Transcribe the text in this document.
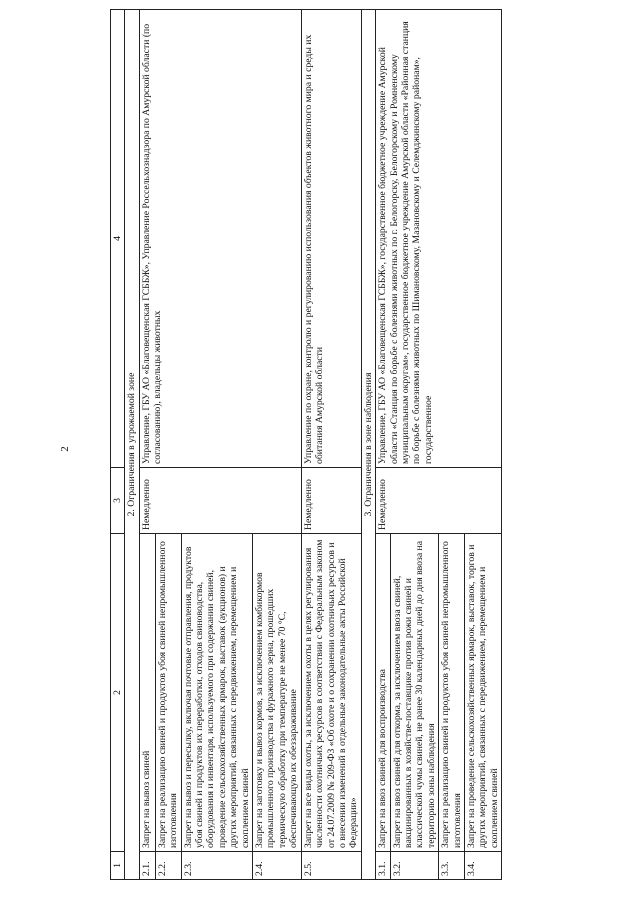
2
1	2	3	4
2. Ограничения в угрожаемой зоне			
2.1.	Запрет на вывоз свиней	Немедленно	Управление, ГБУ АО «Благовещенская ГСББЖ», Управление Россельхознадзора по Амурской области (по согласованию), владельцы животных
2.2.	Запрет на реализацию свиней и продуктов убоя свиней непромышленного изготовления		
2.3.	Запрет на вывоз и пересылку, включая почтовые отправления, продуктов убоя свиней и продуктов их переработки, отходов свиноводства, оборудования и инвентаря, используемого при содержании свиней, проведение сельскохозяйственных ярмарок, выставок (аукционов) и других мероприятий, связанных с передвижением, перемещением и скоплением свиней		
2.4.	Запрет на заготовку и вывоз кормов, за исключением комбикормов промышленного производства и фуражного зерна, прошедших термическую обработку при температуре не менее 70 °С, обеспечивающую их обеззараживание		
2.5.	Запрет на все виды охоты, за исключением охоты в целях регулирования численности охотничьих ресурсов в соответствии с Федеральным законом от 24.07.2009 № 209-ФЗ «Об охоте и о сохранении охотничьих ресурсов и о внесении изменений в отдельные законодательные акты Российской Федерации»	Немедленно	Управление по охране, контролю и регулированию использования объектов животного мира и среды их обитания Амурской области
3. Ограничения в зоне наблюдения			
3.1.	Запрет на ввоз свиней для воспроизводства	Немедленно	Управление, ГБУ АО «Благовещенская ГСББЖ», государственное бюджетное учреждение Амурской области «Станция по борьбе с болезнями животных по г. Белогорску, Белогорскому и Ромненскому муниципальным округам», государственное бюджетное учреждение Амурской области «Районная станция по борьбе с болезнями животных по Шимановскому, Мазановскому и Селемджинскому районам», государственное
3.2.	Запрет на ввоз свиней для откорма, за исключением ввоза свиней, вакцинированных в хозяйстве-поставщике против рожи свиней и классической чумы свиней, не ранее 30 календарных дней до дня ввоза на территорию зоны наблюдения		
3.3.	Запрет на реализацию свиней и продуктов убоя свиней непромышленного изготовления		
3.4.	Запрет на проведение сельскохозяйственных ярмарок, выставок, торгов и других мероприятий, связанных с передвижением, перемещением и скоплением свиней		
